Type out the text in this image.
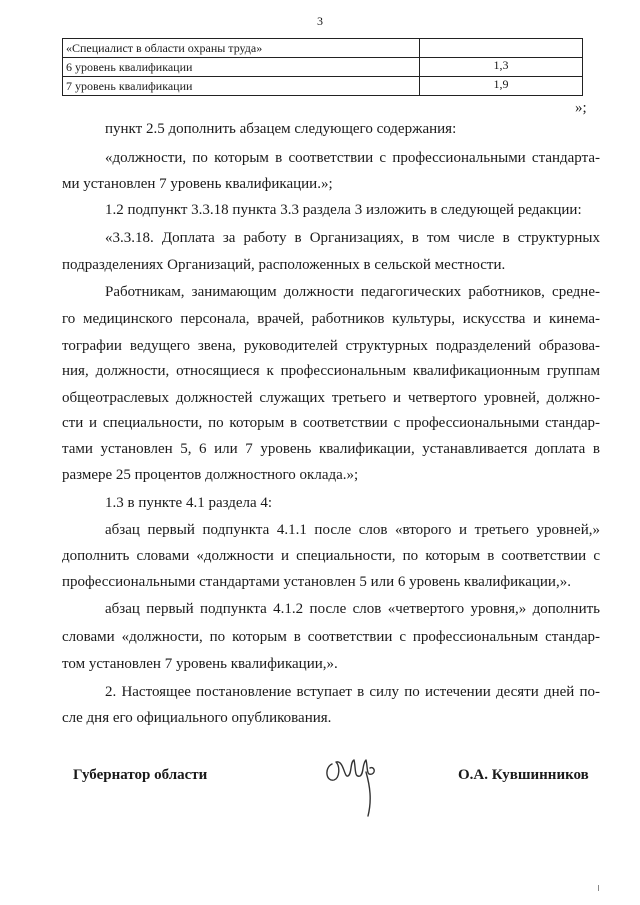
3
«Специалист в области охраны труда»	
6 уровень квалификации	1,3
7 уровень квалификации	1,9
»;
пункт 2.5 дополнить абзацем следующего содержания:
«должности, по которым в соответствии с профессиональными стандарта-
ми установлен 7 уровень квалификации.»;
1.2 подпункт 3.3.18 пункта 3.3 раздела 3 изложить в следующей редакции:
«3.3.18. Доплата за работу в Организациях, в том числе в структурных
подразделениях Организаций, расположенных в сельской местности.
Работникам, занимающим должности педагогических работников, средне-
го медицинского персонала, врачей, работников культуры, искусства и кинема-
тографии ведущего звена, руководителей структурных подразделений образова-
ния, должности, относящиеся к профессиональным квалификационным группам
общеотраслевых должностей служащих третьего и четвертого уровней, должно-
сти и специальности, по которым в соответствии с профессиональными стандар-
тами установлен 5, 6 или 7 уровень квалификации, устанавливается доплата в
размере 25 процентов должностного оклада.»;
1.3 в пункте 4.1 раздела 4:
абзац первый подпункта 4.1.1 после слов «второго и третьего уровней,»
дополнить словами «должности и специальности, по которым в соответствии с
профессиональными стандартами установлен 5 или 6 уровень квалификации,».
абзац первый подпункта 4.1.2 после слов «четвертого уровня,» дополнить
словами «должности, по которым в соответствии с профессиональным стандар-
том установлен 7 уровень квалификации,».
2. Настоящее постановление вступает в силу по истечении десяти дней по-
сле дня его официального опубликования.
Губернатор области	О.А. Кувшинников
